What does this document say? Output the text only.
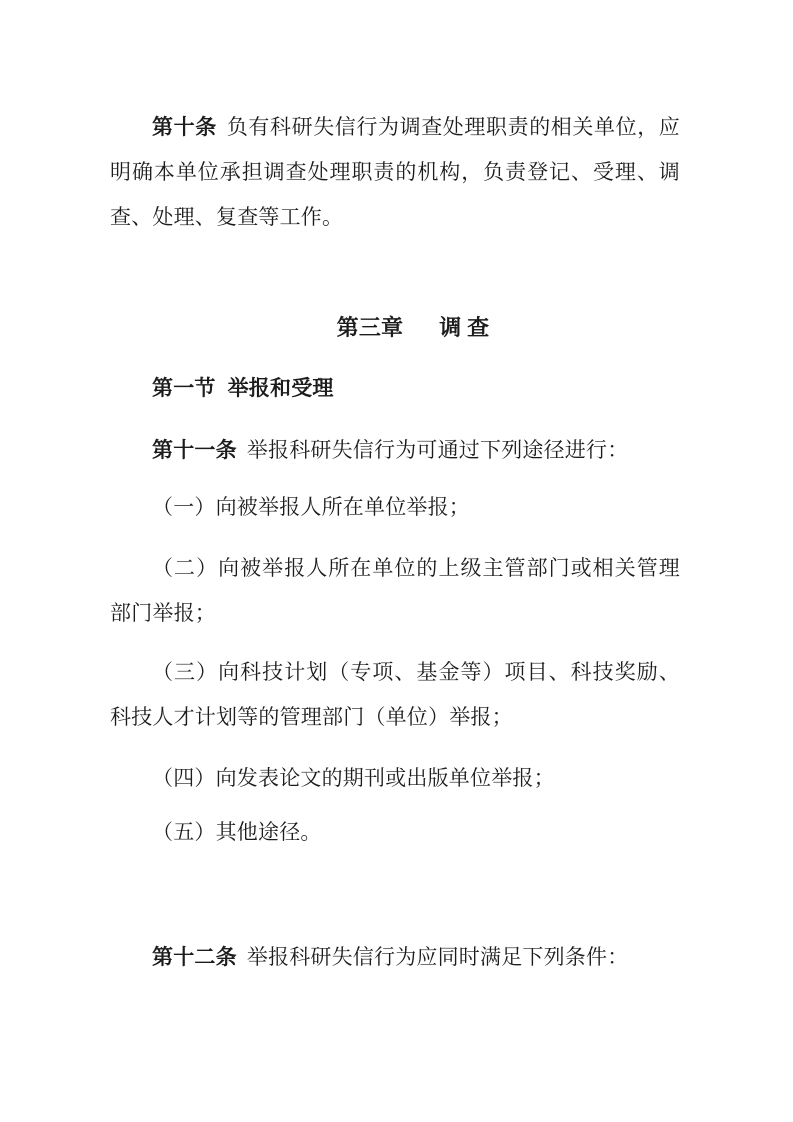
第十条 负有科研失信行为调查处理职责的相关单位，应明确本单位承担调查处理职责的机构，负责登记、受理、调查、处理、复查等工作。
第三章 调 查
第一节 举报和受理
第十一条 举报科研失信行为可通过下列途径进行：
（一）向被举报人所在单位举报；
（二）向被举报人所在单位的上级主管部门或相关管理部门举报；
（三）向科技计划（专项、基金等）项目、科技奖励、科技人才计划等的管理部门（单位）举报；
（四）向发表论文的期刊或出版单位举报；
（五）其他途径。
第十二条 举报科研失信行为应同时满足下列条件：
